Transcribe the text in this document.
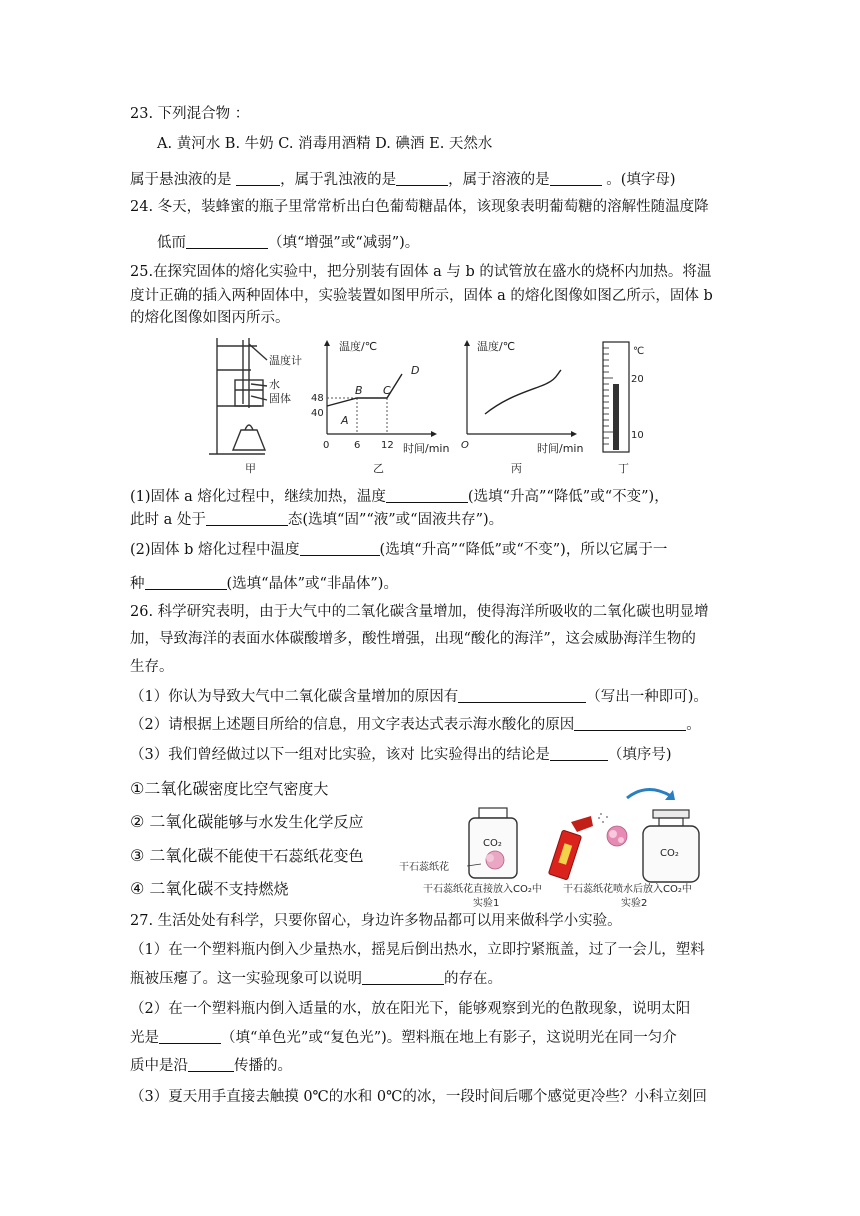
23. 下列混合物 ：
A. 黄河水 B. 牛奶 C. 消毒用酒精 D. 碘酒 E. 天然水
属于悬浊液的是	，属于乳浊液的是	，属于溶液的是	。(填字母)
24. 冬天，装蜂蜜的瓶子里常常析出白色葡萄糖晶体，该现象表明葡萄糖的溶解性随温度降
低而	（填“增强”或“减弱”)。
25.在探究固体的熔化实验中，把分别装有固体 a 与 b 的试管放在盛水的烧杯内加热。将温
度计正确的插入两种固体中，实验装置如图甲所示，固体 a 的熔化图像如图乙所示，固体 b
的熔化图像如图丙所示。
温度计
水
固体
甲
温度/℃
时间/min
0
40
48
6 12
A
B C
D
乙
温度/℃
时间/min
O
丙
℃
20
10
丁
(1)固体 a 熔化过程中，继续加热，温度	(选填“升高”“降低”或“不变”)，
此时 a 处于	态(选填“固”“液”或“固液共存”)。
(2)固体 b 熔化过程中温度	(选填“升高”“降低”或“不变”)，所以它属于一
种	(选填“晶体”或“非晶体”)。
26. 科学研究表明，由于大气中的二氧化碳含量增加，使得海洋所吸收的二氧化碳也明显增
加，导致海洋的表面水体碳酸增多，酸性增强，出现“酸化的海洋”，这会威胁海洋生物的
生存。
（1）你认为导致大气中二氧化碳含量增加的原因有	（写出一种即可)。
（2）请根据上述题目所给的信息，用文字表达式表示海水酸化的原因	。
（3）我们曾经做过以下一组对比实验，该对 比实验得出的结论是	（填序号)
①二氧化碳密度比空气密度大
② 二氧化碳能够与水发生化学反应
③ 二氧化碳不能使干石蕊纸花变色
④ 二氧化碳不支持燃烧
CO₂
干石蕊纸花
干石蕊纸花直接放入CO₂中
实验1
CO₂
干石蕊纸花喷水后放入CO₂中
实验2
27. 生活处处有科学，只要你留心，身边许多物品都可以用来做科学小实验。
（1）在一个塑料瓶内倒入少量热水，摇晃后倒出热水，立即拧紧瓶盖，过了一会儿，塑料
瓶被压瘪了。这一实验现象可以说明	的存在。
（2）在一个塑料瓶内倒入适量的水，放在阳光下，能够观察到光的色散现象，说明太阳
光是	（填“单色光”或“复色光”)。塑料瓶在地上有影子，这说明光在同一匀介
质中是沿	传播的。
（3）夏天用手直接去触摸 0℃的水和 0℃的冰，一段时间后哪个感觉更冷些？小科立刻回
